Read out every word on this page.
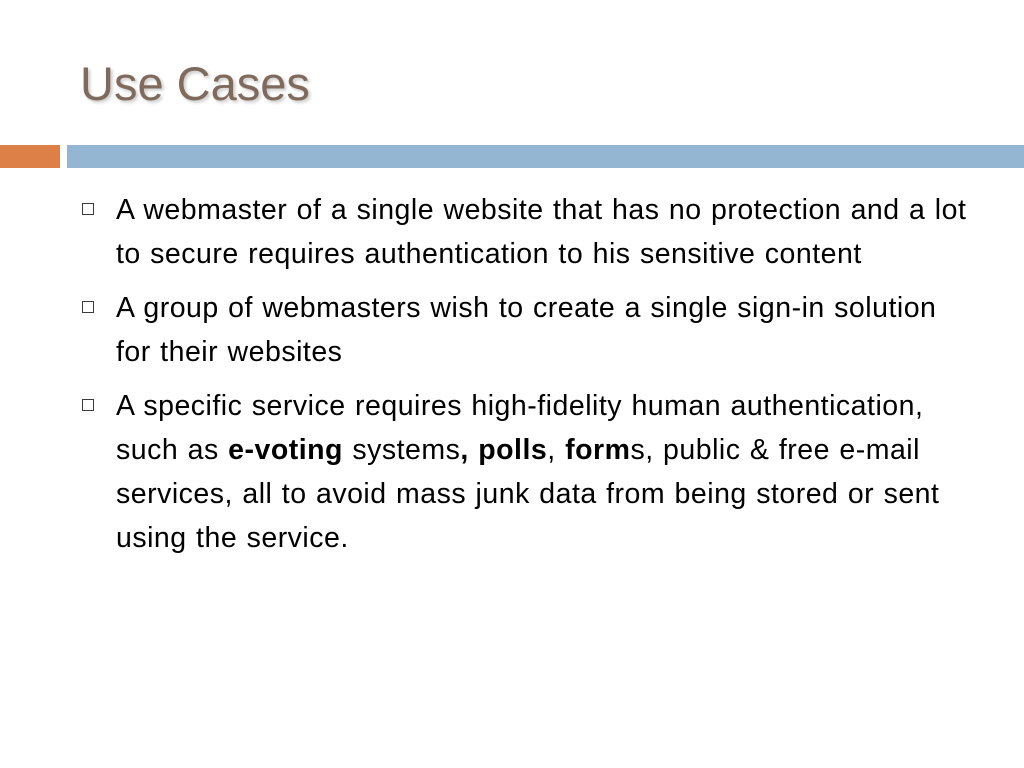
Use Cases
A webmaster of a single website that has no protection and a lot to secure requires authentication to his sensitive content
A group of webmasters wish to create a single sign-in solution for their websites
A specific service requires high-fidelity human authentication, such as e-voting systems, polls, forms, public & free e-mail services, all to avoid mass junk data from being stored or sent using the service.
